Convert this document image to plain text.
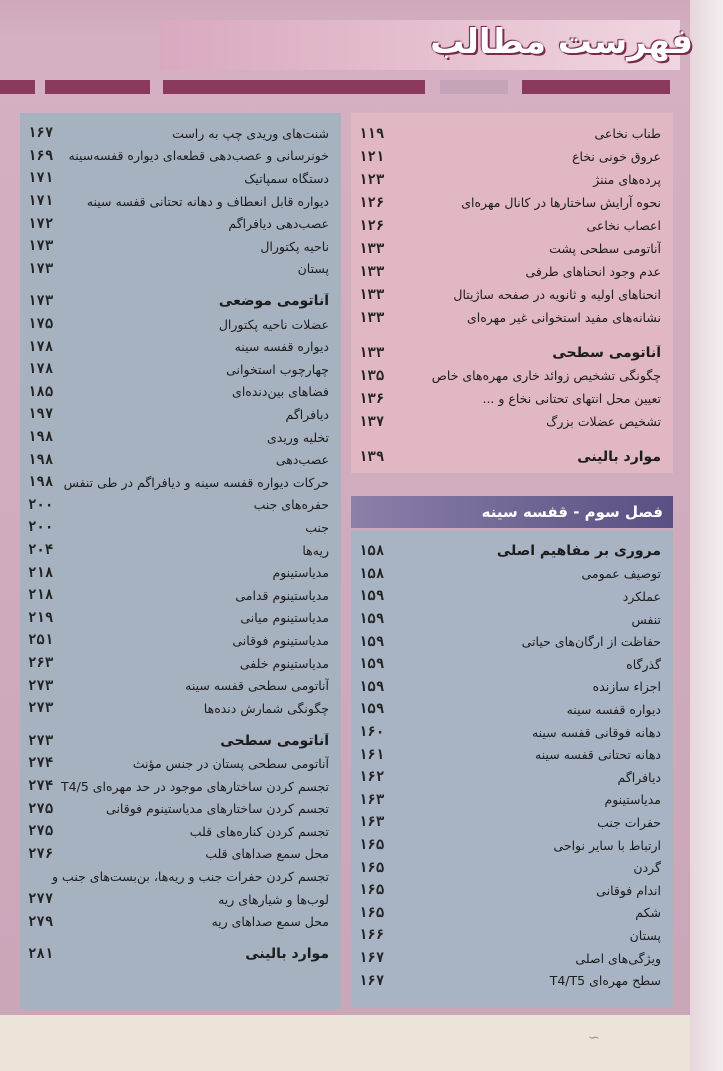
فهرست مطالب
فصل سوم - قفسه سینه
طناب نخاعی
۱۱۹
عروق خونی نخاع
۱۲۱
پرده‌های مننژ
۱۲۳
نحوه آرایش ساختارها در کانال مهره‌ای
۱۲۶
اعصاب نخاعی
۱۲۶
آناتومی سطحی پشت
۱۳۳
عدم وجود انحناهای طرفی
۱۳۳
انحناهای اولیه و ثانویه در صفحه ساژیتال
۱۳۳
نشانه‌های مفید استخوانی غیر مهره‌ای
۱۳۳
آناتومی سطحی
۱۳۳
چگونگی تشخیص زوائد خاری مهره‌های خاص
۱۳۵
تعیین محل انتهای تحتانی نخاع و ...
۱۳۶
تشخیص عضلات بزرگ
۱۳۷
موارد بالینی
۱۳۹
مروری بر مفاهیم اصلی
۱۵۸
توصیف عمومی
۱۵۸
عملکرد
۱۵۹
تنفس
۱۵۹
حفاظت از ارگان‌های حیاتی
۱۵۹
گذرگاه
۱۵۹
اجزاء سازنده
۱۵۹
دیواره قفسه سینه
۱۵۹
دهانه فوقانی قفسه سینه
۱۶۰
دهانه تحتانی قفسه سینه
۱۶۱
دیافراگم
۱۶۲
مدیاستینوم
۱۶۳
حفرات جنب
۱۶۳
ارتباط با سایر نواحی
۱۶۵
گردن
۱۶۵
اندام فوقانی
۱۶۵
شکم
۱۶۵
پستان
۱۶۶
ویژگی‌های اصلی
۱۶۷
سطح مهره‌ای T4/T5
۱۶۷
شنت‌های وریدی چپ به راست
۱۶۷
خونرسانی و عصب‌دهی قطعه‌ای دیواره قفسه‌سینه
۱۶۹
دستگاه سمپاتیک
۱۷۱
دیواره قابل انعطاف و دهانه تحتانی قفسه سینه
۱۷۱
عصب‌دهی دیافراگم
۱۷۲
ناحیه پکتورال
۱۷۳
پستان
۱۷۳
آناتومی موضعی
۱۷۳
عضلات ناحیه پکتورال
۱۷۵
دیواره قفسه سینه
۱۷۸
چهارچوب استخوانی
۱۷۸
فضاهای بین‌دنده‌ای
۱۸۵
دیافراگم
۱۹۷
تخلیه وریدی
۱۹۸
عصب‌دهی
۱۹۸
حرکات دیواره قفسه سینه و دیافراگم در طی تنفس
۱۹۸
حفره‌های جنب
۲۰۰
جنب
۲۰۰
ریه‌ها
۲۰۴
مدیاستینوم
۲۱۸
مدیاستینوم قدامی
۲۱۸
مدیاستینوم میانی
۲۱۹
مدیاستینوم فوقانی
۲۵۱
مدیاستینوم خلفی
۲۶۳
آناتومی سطحی قفسه سینه
۲۷۳
چگونگی شمارش دنده‌ها
۲۷۳
آناتومی سطحی
۲۷۳
آناتومی سطحی پستان در جنس مؤنث
۲۷۴
تجسم کردن ساختارهای موجود در حد مهره‌ای T4/5
۲۷۴
تجسم کردن ساختارهای مدیاستینوم فوقانی
۲۷۵
تجسم کردن کناره‌های قلب
۲۷۵
محل سمع صداهای قلب
۲۷۶
تجسم کردن حفرات جنب و ریه‌ها، بن‌بست‌های جنب و
لوب‌ها و شیارهای ریه
۲۷۷
محل سمع صداهای ریه
۲۷۹
موارد بالینی
۲۸۱
∽
